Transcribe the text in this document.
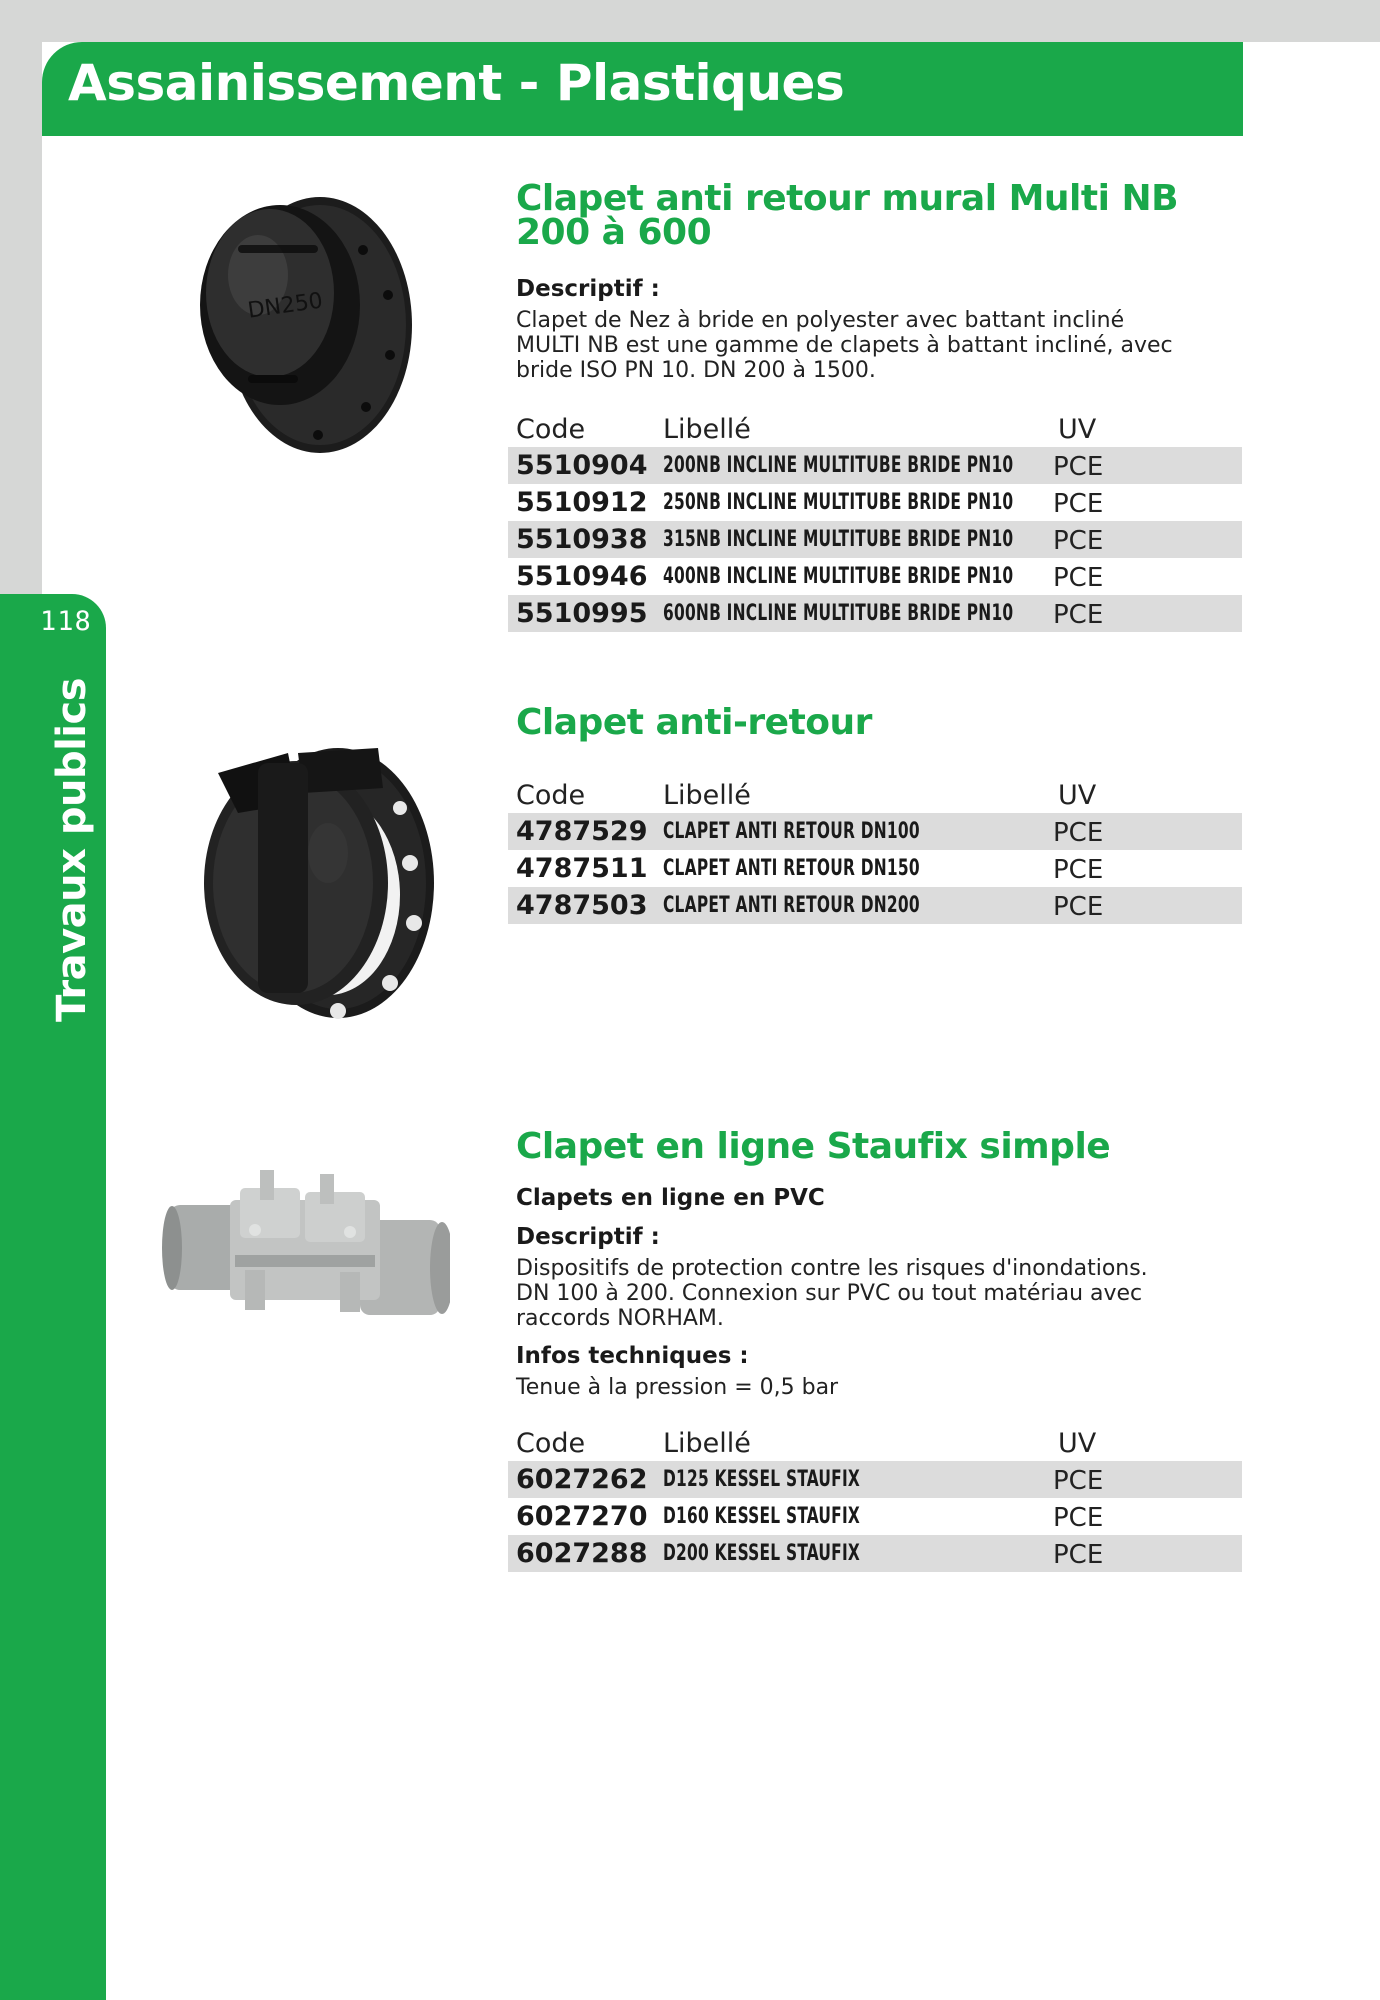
Assainissement - Plastiques
118
Travaux publics
DN250
Clapet anti retour mural Multi NB 200 à 600

Descriptif :

Clapet de Nez à bride en polyester avec battant incliné
MULTI NB est une gamme de clapets à battant incliné, avec
bride ISO PN 10. DN 200 à 1500.
Code	Libellé	UV
5510904 200NB INCLINE MULTITUBE BRIDE PN10 PCE
5510912 250NB INCLINE MULTITUBE BRIDE PN10 PCE
5510938 315NB INCLINE MULTITUBE BRIDE PN10 PCE
5510946 400NB INCLINE MULTITUBE BRIDE PN10 PCE
5510995 600NB INCLINE MULTITUBE BRIDE PN10 PCE
Clapet anti-retour
Code	Libellé	UV
4787529 CLAPET ANTI RETOUR DN100	PCE
4787511 CLAPET ANTI RETOUR DN150	PCE
4787503 CLAPET ANTI RETOUR DN200	PCE
Clapet en ligne Staufix simple

Clapets en ligne en PVC

Descriptif :

Dispositifs de protection contre les risques d'inondations.
DN 100 à 200. Connexion sur PVC ou tout matériau avec
raccords NORHAM.

Infos techniques :

Tenue à la pression = 0,5 bar
Code	Libellé	UV
6027262 D125 KESSEL STAUFIX	PCE
6027270 D160 KESSEL STAUFIX	PCE
6027288 D200 KESSEL STAUFIX	PCE
